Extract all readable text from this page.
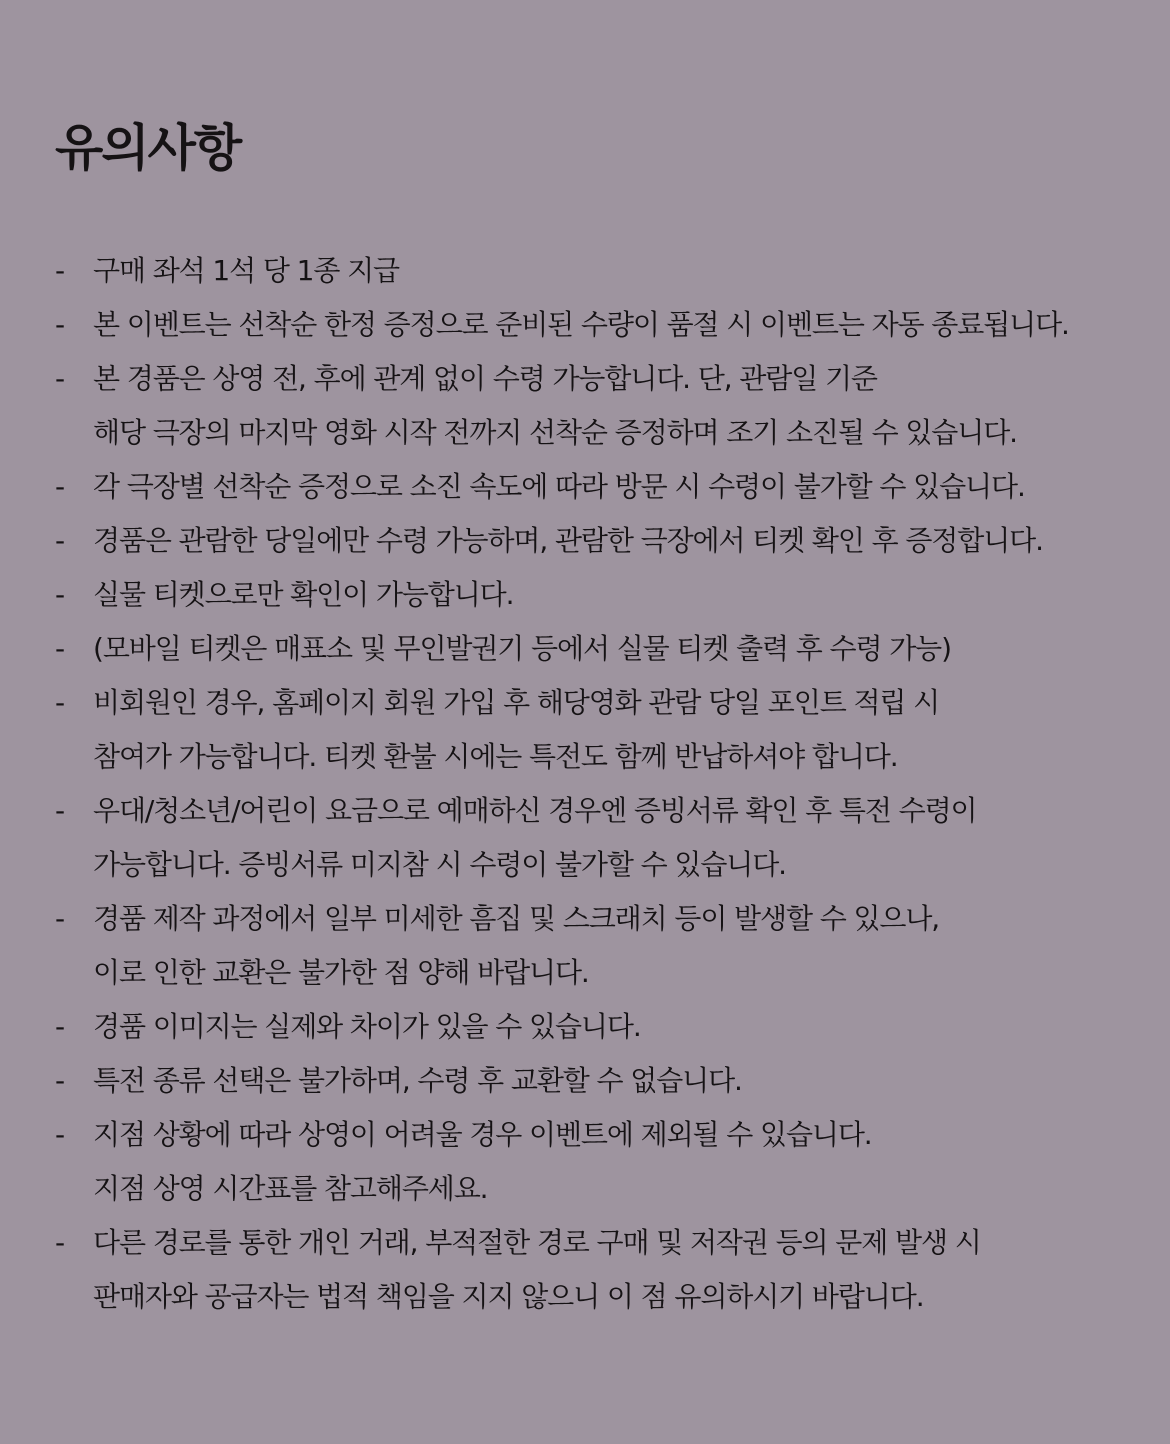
유의사항
- 구매 좌석 1석 당 1종 지급
- 본 이벤트는 선착순 한정 증정으로 준비된 수량이 품절 시 이벤트는 자동 종료됩니다.
- 본 경품은 상영 전, 후에 관계 없이 수령 가능합니다. 단, 관람일 기준
해당 극장의 마지막 영화 시작 전까지 선착순 증정하며 조기 소진될 수 있습니다.
- 각 극장별 선착순 증정으로 소진 속도에 따라 방문 시 수령이 불가할 수 있습니다.
- 경품은 관람한 당일에만 수령 가능하며, 관람한 극장에서 티켓 확인 후 증정합니다.
- 실물 티켓으로만 확인이 가능합니다.
- (모바일 티켓은 매표소 및 무인발권기 등에서 실물 티켓 출력 후 수령 가능)
- 비회원인 경우, 홈페이지 회원 가입 후 해당영화 관람 당일 포인트 적립 시
참여가 가능합니다. 티켓 환불 시에는 특전도 함께 반납하셔야 합니다.
- 우대/청소년/어린이 요금으로 예매하신 경우엔 증빙서류 확인 후 특전 수령이
가능합니다. 증빙서류 미지참 시 수령이 불가할 수 있습니다.
- 경품 제작 과정에서 일부 미세한 흠집 및 스크래치 등이 발생할 수 있으나,
이로 인한 교환은 불가한 점 양해 바랍니다.
- 경품 이미지는 실제와 차이가 있을 수 있습니다.
- 특전 종류 선택은 불가하며, 수령 후 교환할 수 없습니다.
- 지점 상황에 따라 상영이 어려울 경우 이벤트에 제외될 수 있습니다.
지점 상영 시간표를 참고해주세요.
- 다른 경로를 통한 개인 거래, 부적절한 경로 구매 및 저작권 등의 문제 발생 시
판매자와 공급자는 법적 책임을 지지 않으니 이 점 유의하시기 바랍니다.
